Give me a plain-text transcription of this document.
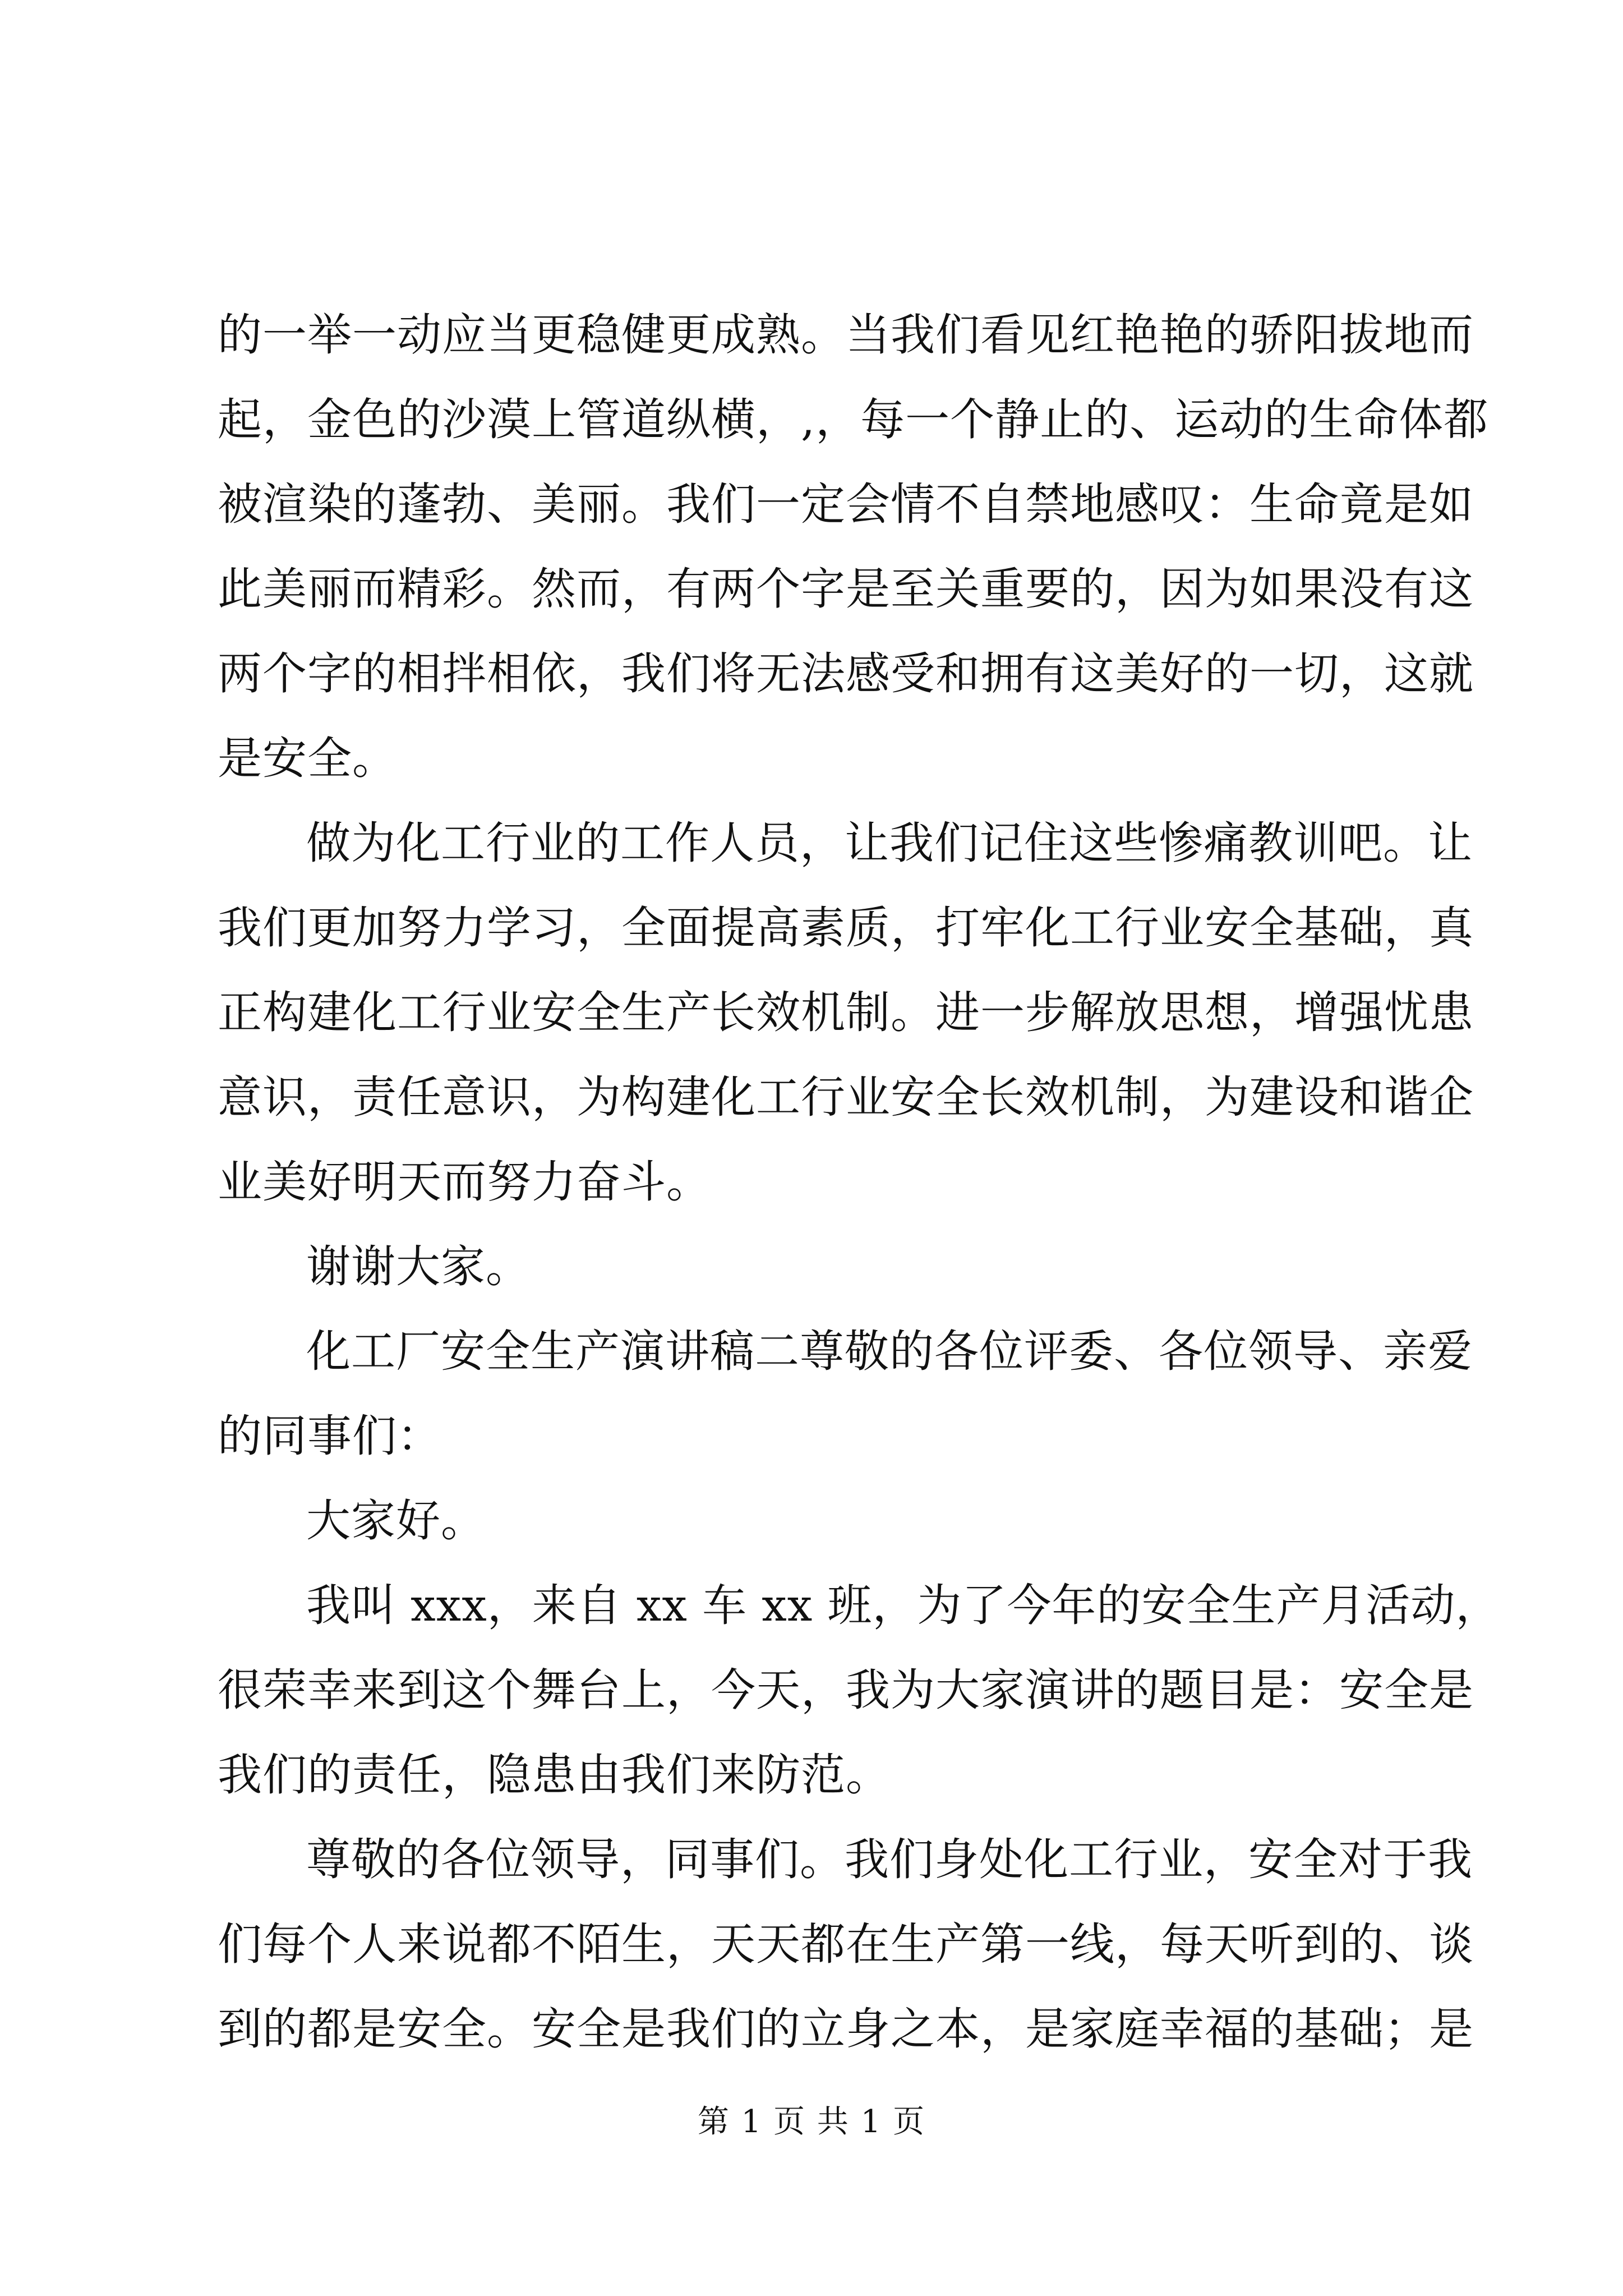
的一举一动应当更稳健更成熟。当我们看见红艳艳的骄阳拔地而
起，金色的沙漠上管道纵横，,，每一个静止的、运动的生命体都
被渲染的蓬勃、美丽。我们一定会情不自禁地感叹：生命竟是如
此美丽而精彩。然而，有两个字是至关重要的，因为如果没有这
两个字的相拌相依，我们将无法感受和拥有这美好的一切，这就
是安全。
做为化工行业的工作人员，让我们记住这些惨痛教训吧。让
我们更加努力学习，全面提高素质，打牢化工行业安全基础，真
正构建化工行业安全生产长效机制。进一步解放思想，增强忧患
意识，责任意识，为构建化工行业安全长效机制，为建设和谐企
业美好明天而努力奋斗。
谢谢大家。
化工厂安全生产演讲稿二尊敬的各位评委、各位领导、亲爱
的同事们：
大家好。
我叫 xxx，来自 xx 车 xx 班，为了今年的安全生产月活动，
很荣幸来到这个舞台上，今天，我为大家演讲的题目是：安全是
我们的责任，隐患由我们来防范。
尊敬的各位领导，同事们。我们身处化工行业，安全对于我
们每个人来说都不陌生，天天都在生产第一线，每天听到的、谈
到的都是安全。安全是我们的立身之本，是家庭幸福的基础；是
第 1 页 共 1 页
